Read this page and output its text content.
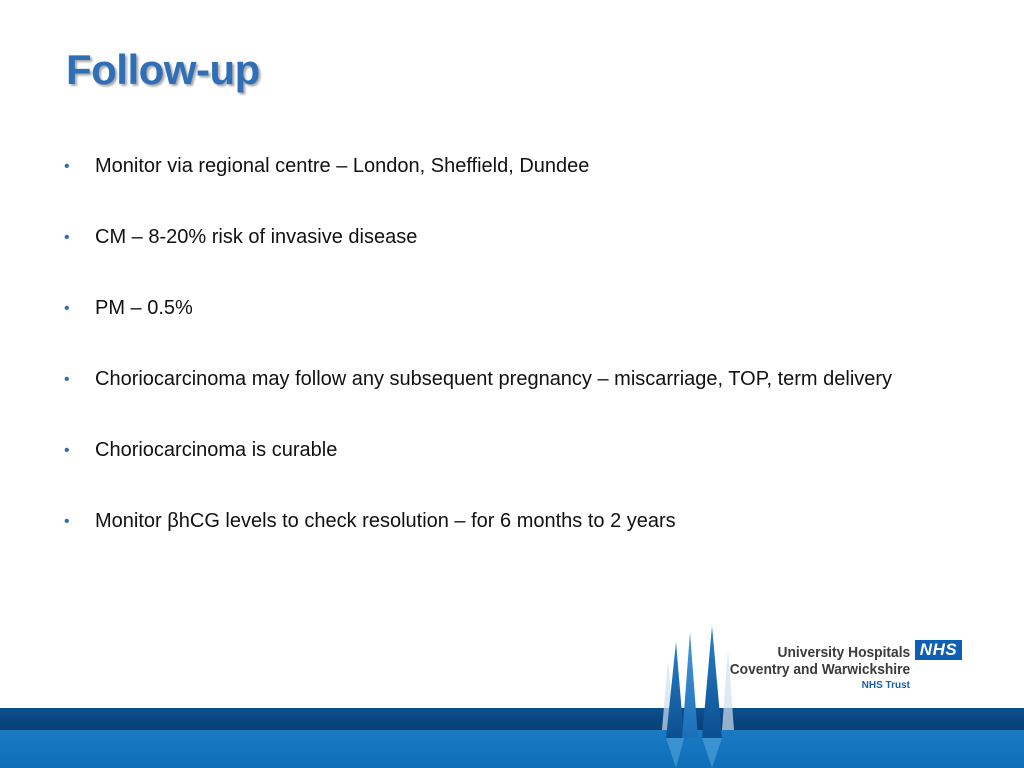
Follow-up
• Monitor via regional centre – London, Sheffield, Dundee
• CM – 8-20% risk of invasive disease
• PM – 0.5%
• Choriocarcinoma may follow any subsequent pregnancy – miscarriage, TOP, term delivery
• Choriocarcinoma is curable
• Monitor βhCG levels to check resolution – for 6 months to 2 years
University Hospitals
Coventry and Warwickshire
NHS Trust
NHS
